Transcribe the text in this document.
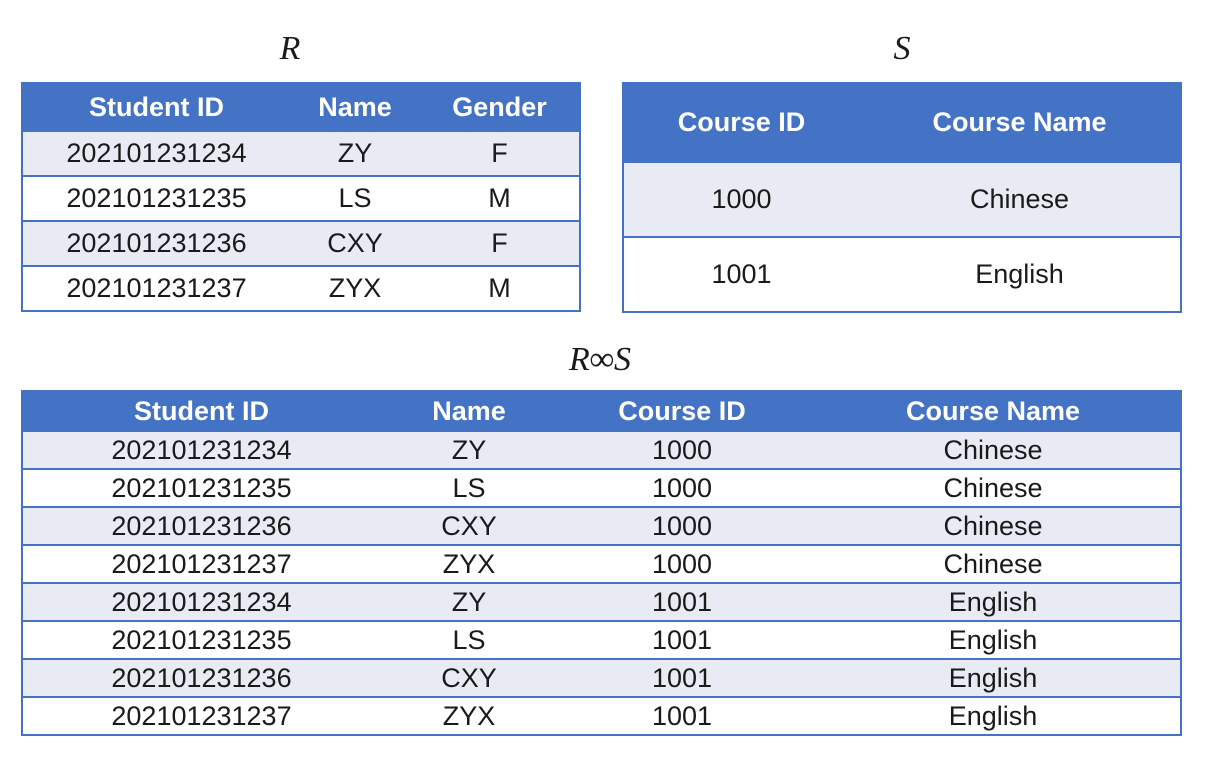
R	S
R∞S
Student ID	Name	Gender
202101231234	ZY	F
202101231235	LS	M
202101231236	CXY	F
202101231237	ZYX	M
Course ID	Course Name
1000	Chinese
1001	English
Student ID	Name	Course ID	Course Name
202101231234	ZY	1000	Chinese
202101231235	LS	1000	Chinese
202101231236	CXY	1000	Chinese
202101231237	ZYX	1000	Chinese
202101231234	ZY	1001	English
202101231235	LS	1001	English
202101231236	CXY	1001	English
202101231237	ZYX	1001	English
